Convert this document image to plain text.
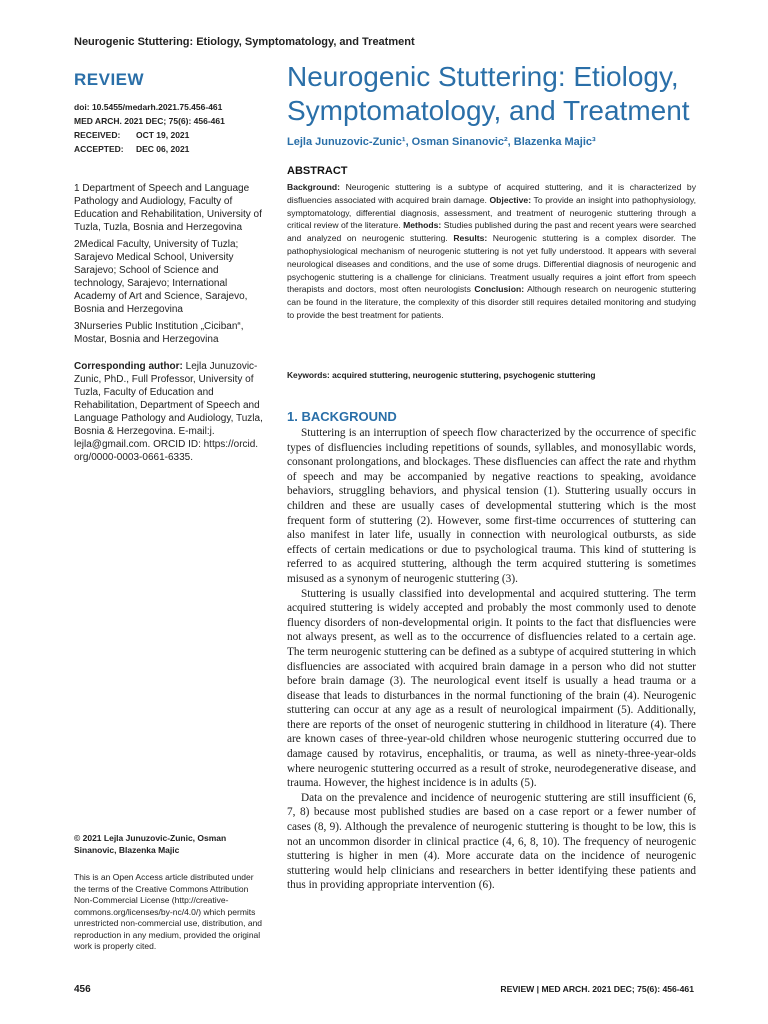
Neurogenic Stuttering: Etiology, Symptomatology, and Treatment
REVIEW
doi: 10.5455/medarh.2021.75.456-461
MED ARCH. 2021 DEC; 75(6): 456-461
RECEIVED:	OCT 19, 2021
ACCEPTED:	DEC 06, 2021

1 Department of Speech and Language Pathology and Audiology, Faculty of Education and Rehabilitation, University of Tuzla, Tuzla, Bosnia and Herzegovina

2Medical Faculty, University of Tuzla; Sarajevo Medical School, University Sarajevo; School of Science and technology, Sarajevo; International Academy of Art and Science, Sarajevo, Bosnia and Herzegovina

3Nurseries Public Institution „Ciciban“, Mostar, Bosnia and Herzegovina

Corresponding author: Lejla Junuzovic-Zunic, PhD., Full Professor, University of Tuzla, Faculty of Education and Rehabilitation, Department of Speech and Language Pathology and Audiology, Tuzla, Bosnia & Herzegovina. E-mail:j. lejla@gmail.com. ORCID ID: https://orcid. org/0000-0003-0661-6335.
© 2021 Lejla Junuzovic-Zunic, Osman Sinanovic, Blazenka Majic
This is an Open Access article distributed under the terms of the Creative Commons Attribution Non-Commercial License (http://creative-commons.org/licenses/by-nc/4.0/) which permits unrestricted non-commercial use, distribution, and reproduction in any medium, provided the original work is properly cited.
Neurogenic Stuttering: Etiology, Symptomatology, and Treatment
Lejla Junuzovic-Zunic¹, Osman Sinanovic², Blazenka Majic³
ABSTRACT

Background: Neurogenic stuttering is a subtype of acquired stuttering, and it is characterized by disfluencies associated with acquired brain damage. Objective: To provide an insight into pathophysiology, symptomatology, differential diagnosis, assessment, and treatment of neurogenic stuttering through a critical review of the literature. Methods: Studies published during the past and recent years were searched and analyzed on neurogenic stuttering. Results: Neurogenic stuttering is a complex disorder. The pathophysiological mechanism of neurogenic stuttering is not yet fully understood. It appears with several neurological diseases and conditions, and the use of some drugs. Differential diagnosis of neurogenic and psychogenic stuttering is a challenge for clinicians. Treatment usually requires a joint effort from speech therapists and doctors, most often neurologists Conclusion: Although research on neurogenic stuttering can be found in the literature, the complexity of this disorder still requires detailed monitoring and studying to provide the best treatment for patients.

Keywords: acquired stuttering, neurogenic stuttering, psychogenic stuttering
1. BACKGROUND

Stuttering is an interruption of speech flow characterized by the occurrence of specific types of disfluencies including repetitions of sounds, syllables, and monosyllabic words, consonant prolongations, and blockages. These disfluencies can affect the rate and rhythm of speech and may be accompanied by negative reactions to speaking, avoidance behaviors, struggling behaviors, and physical tension (1). Stuttering usually occurs in children and these are usually cases of developmental stuttering which is the most frequent form of stuttering (2). However, some first-time occurrences of stuttering can also manifest in later life, usually in connection with neurological outbursts, as side effects of certain medications or due to psychological trauma. This kind of stuttering is referred to as acquired stuttering, although the term acquired stuttering is sometimes misused as a synonym of neurogenic stuttering (3).

Stuttering is usually classified into developmental and acquired stuttering. The term acquired stuttering is widely accepted and probably the most commonly used to denote fluency disorders of non-developmental origin. It points to the fact that disfluencies were not always present, as well as to the occurrence of disfluencies related to a certain age. The term neurogenic stuttering can be defined as a subtype of acquired stuttering in which disfluencies are associated with acquired brain damage in a person who did not stutter before brain damage (3). The neurological event itself is usually a head trauma or a disease that leads to disturbances in the normal functioning of the brain (4). Neurogenic stuttering can occur at any age as a result of neurological impairment (5). Additionally, there are reports of the onset of neurogenic stuttering in childhood in literature (4). There are known cases of three-year-old children whose neurogenic stuttering occurred due to damage caused by rotavirus, encephalitis, or trauma, as well as ninety-three-year-olds where neurogenic stuttering occurred as a result of stroke, neurodegenerative disease, and trauma. However, the highest incidence is in adults (5).

Data on the prevalence and incidence of neurogenic stuttering are still insufficient (6, 7, 8) because most published studies are based on a case report or a fewer number of cases (8, 9). Although the prevalence of neurogenic stuttering is thought to be low, this is not an uncommon disorder in clinical practice (4, 6, 8, 10). The frequency of neurogenic stuttering is higher in men (4). More accurate data on the incidence of neurogenic stuttering would help clinicians and researchers in better identifying these patients and thus in providing appropriate intervention (6).

456	REVIEW | MED ARCH. 2021 DEC; 75(6): 456-461
